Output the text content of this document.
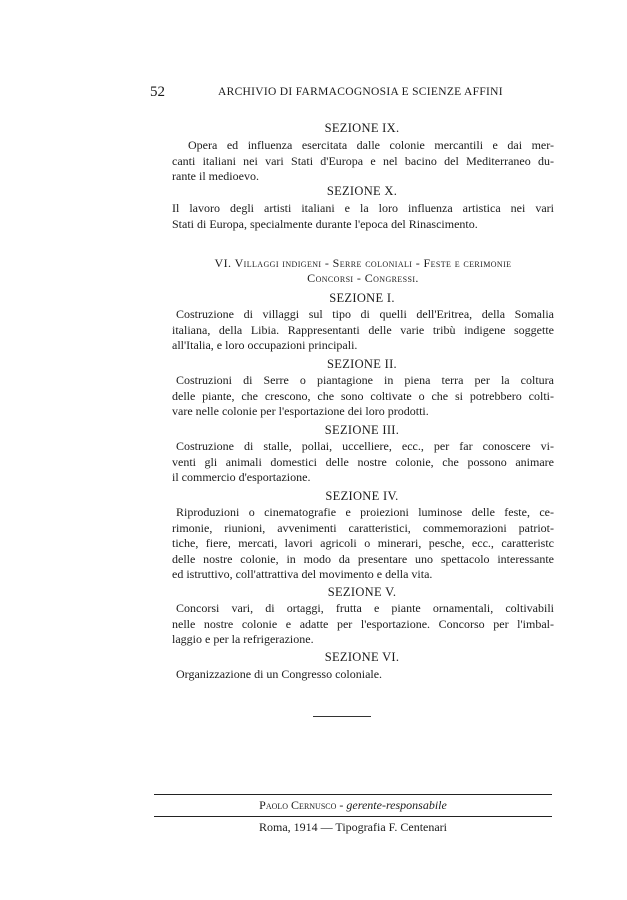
52	ARCHIVIO DI FARMACOGNOSIA E SCIENZE AFFINI
SEZIONE IX.
Opera ed influenza esercitata dalle colonie mercantili e dai mer-
canti italiani nei vari Stati d'Europa e nel bacino del Mediterraneo du-
rante il medioevo.
SEZIONE X.
Il lavoro degli artisti italiani e la loro influenza artistica nei vari
Stati di Europa, specialmente durante l'epoca del Rinascimento.
VI. Villaggi indigeni - Serre coloniali - Feste e cerimonie
Concorsi - Congressi.
SEZIONE I.
Costruzione di villaggi sul tipo di quelli dell'Eritrea, della Somalia
italiana, della Libia. Rappresentanti delle varie tribù indigene soggette
all'Italia, e loro occupazioni principali.
SEZIONE II.
Costruzioni di Serre o piantagione in piena terra per la coltura
delle piante, che crescono, che sono coltivate o che si potrebbero colti-
vare nelle colonie per l'esportazione dei loro prodotti.
SEZIONE III.
Costruzione di stalle, pollai, uccelliere, ecc., per far conoscere vi-
venti gli animali domestici delle nostre colonie, che possono animare
il commercio d'esportazione.
SEZIONE IV.
Riproduzioni o cinematografie e proiezioni luminose delle feste, ce-
rimonie, riunioni, avvenimenti caratteristici, commemorazioni patriot-
tiche, fiere, mercati, lavori agricoli o minerari, pesche, ecc., caratteristc
delle nostre colonie, in modo da presentare uno spettacolo interessante
ed istruttivo, coll'attrattiva del movimento e della vita.
SEZIONE V.
Concorsi vari, di ortaggi, frutta e piante ornamentali, coltivabili
nelle nostre colonie e adatte per l'esportazione. Concorso per l'imbal-
laggio e per la refrigerazione.
SEZIONE VI.
Organizzazione di un Congresso coloniale.
Paolo Cernusco - gerente-responsabile
Roma, 1914 — Tipografia F. Centenari
